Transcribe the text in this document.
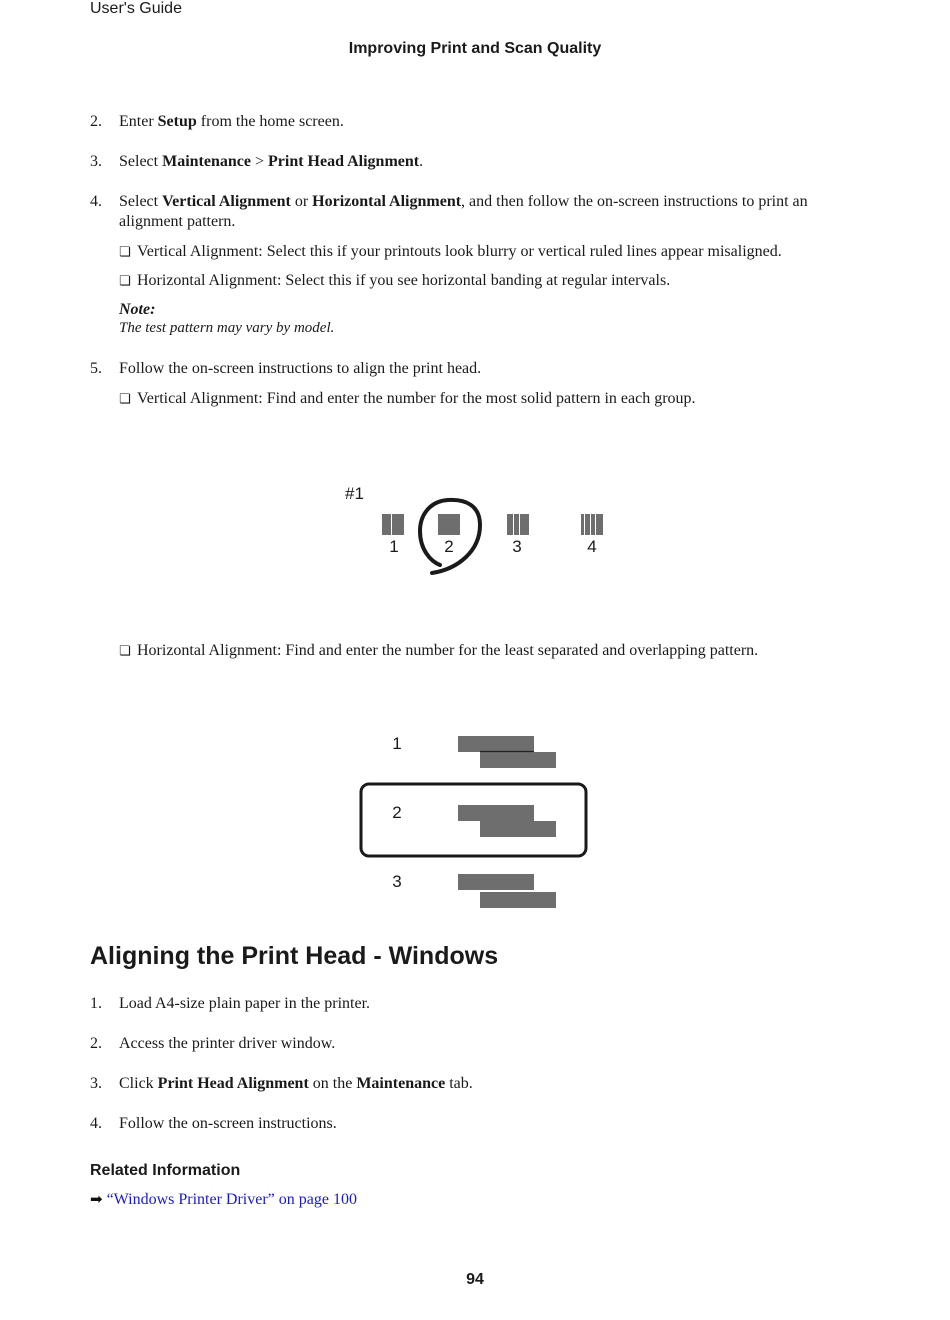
User's Guide
Improving Print and Scan Quality
2. Enter Setup from the home screen.
3. Select Maintenance > Print Head Alignment.
4. Select Vertical Alignment or Horizontal Alignment, and then follow the on-screen instructions to print an alignment pattern.
❏ Vertical Alignment: Select this if your printouts look blurry or vertical ruled lines appear misaligned.
❏ Horizontal Alignment: Select this if you see horizontal banding at regular intervals.
Note:
The test pattern may vary by model.
5. Follow the on-screen instructions to align the print head.
❏ Vertical Alignment: Find and enter the number for the most solid pattern in each group.
#1
1	2	3	4
❏ Horizontal Alignment: Find and enter the number for the least separated and overlapping pattern.
1
2
3
Aligning the Print Head - Windows
1. Load A4-size plain paper in the printer.
2. Access the printer driver window.
3. Click Print Head Alignment on the Maintenance tab.
4. Follow the on-screen instructions.
Related Information
➡ “Windows Printer Driver” on page 100
94
